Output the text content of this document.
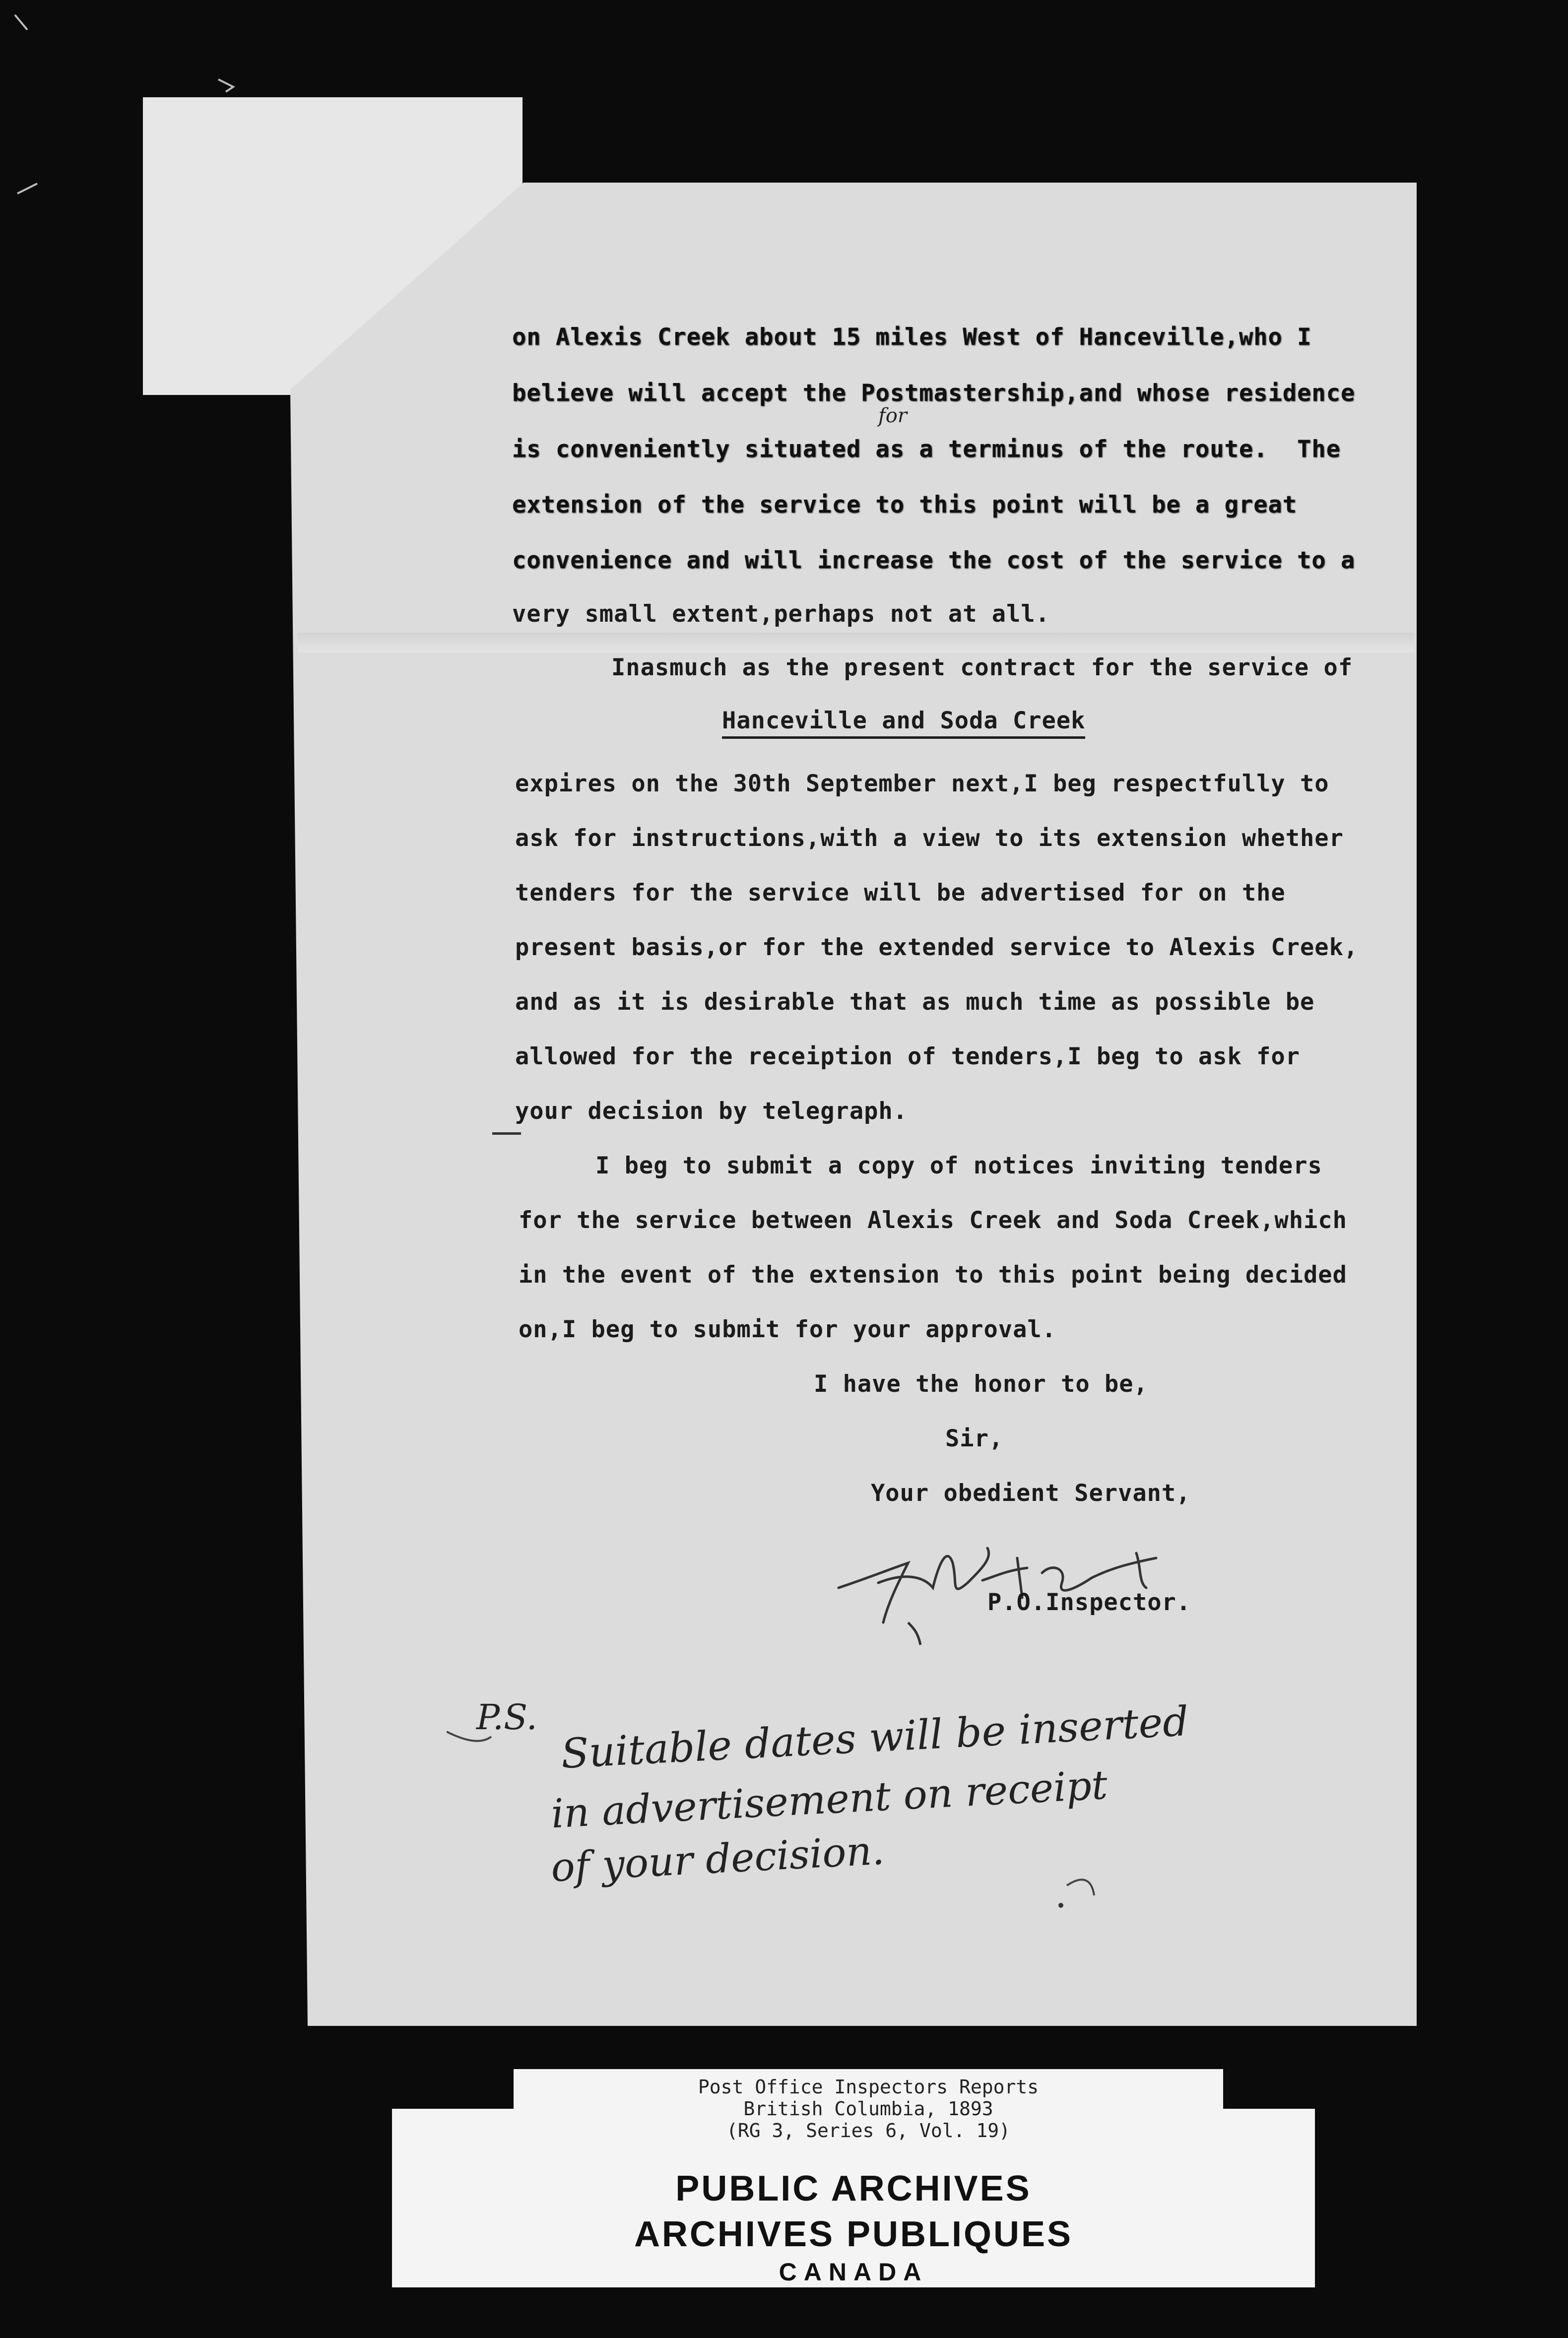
on Alexis Creek about 15 miles West of Hanceville,who I

believe will accept the Postmastership,and whose residence

for

is conveniently situated as a terminus of the route.  The

extension of the service to this point will be a great

convenience and will increase the cost of the service to a

very small extent,perhaps not at all.

Inasmuch as the present contract for the service of

Hanceville and Soda Creek

expires on the 30th September next,I beg respectfully to

ask for instructions,with a view to its extension whether

tenders for the service will be advertised for on the

present basis,or for the extended service to Alexis Creek,

and as it is desirable that as much time as possible be

allowed for the receiption of tenders,I beg to ask for

your decision by telegraph.

I beg to submit a copy of notices inviting tenders

for the service between Alexis Creek and Soda Creek,which

in the event of the extension to this point being decided

on,I beg to submit for your approval.

I have the honor to be,

Sir,

Your obedient Servant,

P.O.Inspector.

P.S. Suitable dates will be inserted
in advertisement on receipt
of your decision.
PUBLIC ARCHIVES
ARCHIVES PUBLIQUES
CANADA
Post Office Inspectors Reports
British Columbia, 1893
(RG 3, Series 6, Vol. 19)
